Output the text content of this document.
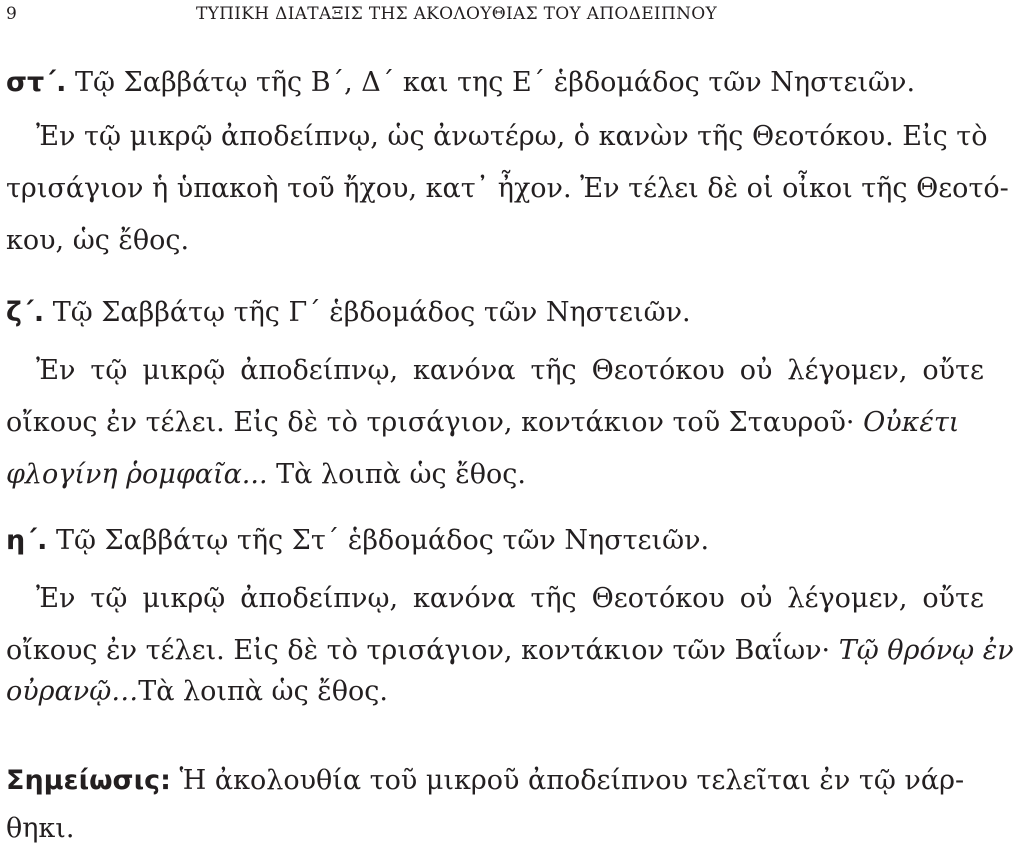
9	ΤΥΠΙΚΗ ΔΙΑΤΑΞΙΣ ΤΗΣ ΑΚΟΛΟΥΘΙΑΣ ΤΟΥ ΑΠΟΔΕΙΠΝΟΥ

στ΄. Τῷ Σαββάτῳ τῆς Β΄, Δ΄ και της Ε΄ ἑβδομάδος τῶν Νηστειῶν.

Ἐν τῷ μικρῷ ἀποδείπνῳ, ὡς ἀνωτέρω, ὁ κανὼν τῆς Θεοτόκου. Εἰς τὸ

τρισάγιον ἡ ὑπακοὴ τοῦ ἤχου, κατ᾽ ἦχον. Ἐν τέλει δὲ οἱ οἶκοι τῆς Θεοτό-

κου, ὡς ἔθος.

ζ΄. Τῷ Σαββάτῳ τῆς Γ΄ ἑβδομάδος τῶν Νηστειῶν.

Ἐν τῷ μικρῷ ἀποδείπνῳ, κανόνα τῆς Θεοτόκου οὐ λέγομεν, οὔτε

οἴκους ἐν τέλει. Εἰς δὲ τὸ τρισάγιον, κοντάκιον τοῦ Σταυροῦ· Οὐκέτι

φλογίνη ῥομφαῖα... Τὰ λοιπὰ ὡς ἔθος.

η΄. Τῷ Σαββάτῳ τῆς Στ΄ ἑβδομάδος τῶν Νηστειῶν.

Ἐν τῷ μικρῷ ἀποδείπνῳ, κανόνα τῆς Θεοτόκου οὐ λέγομεν, οὔτε

οἴκους ἐν τέλει. Εἰς δὲ τὸ τρισάγιον, κοντάκιον τῶν Βαΐων· Τῷ θρόνῳ ἐν

οὐρανῷ…Τὰ λοιπὰ ὡς ἔθος.

Σημείωσις: Ἡ ἀκολουθία τοῦ μικροῦ ἀποδείπνου τελεῖται ἐν τῷ νάρ-

θηκι.
